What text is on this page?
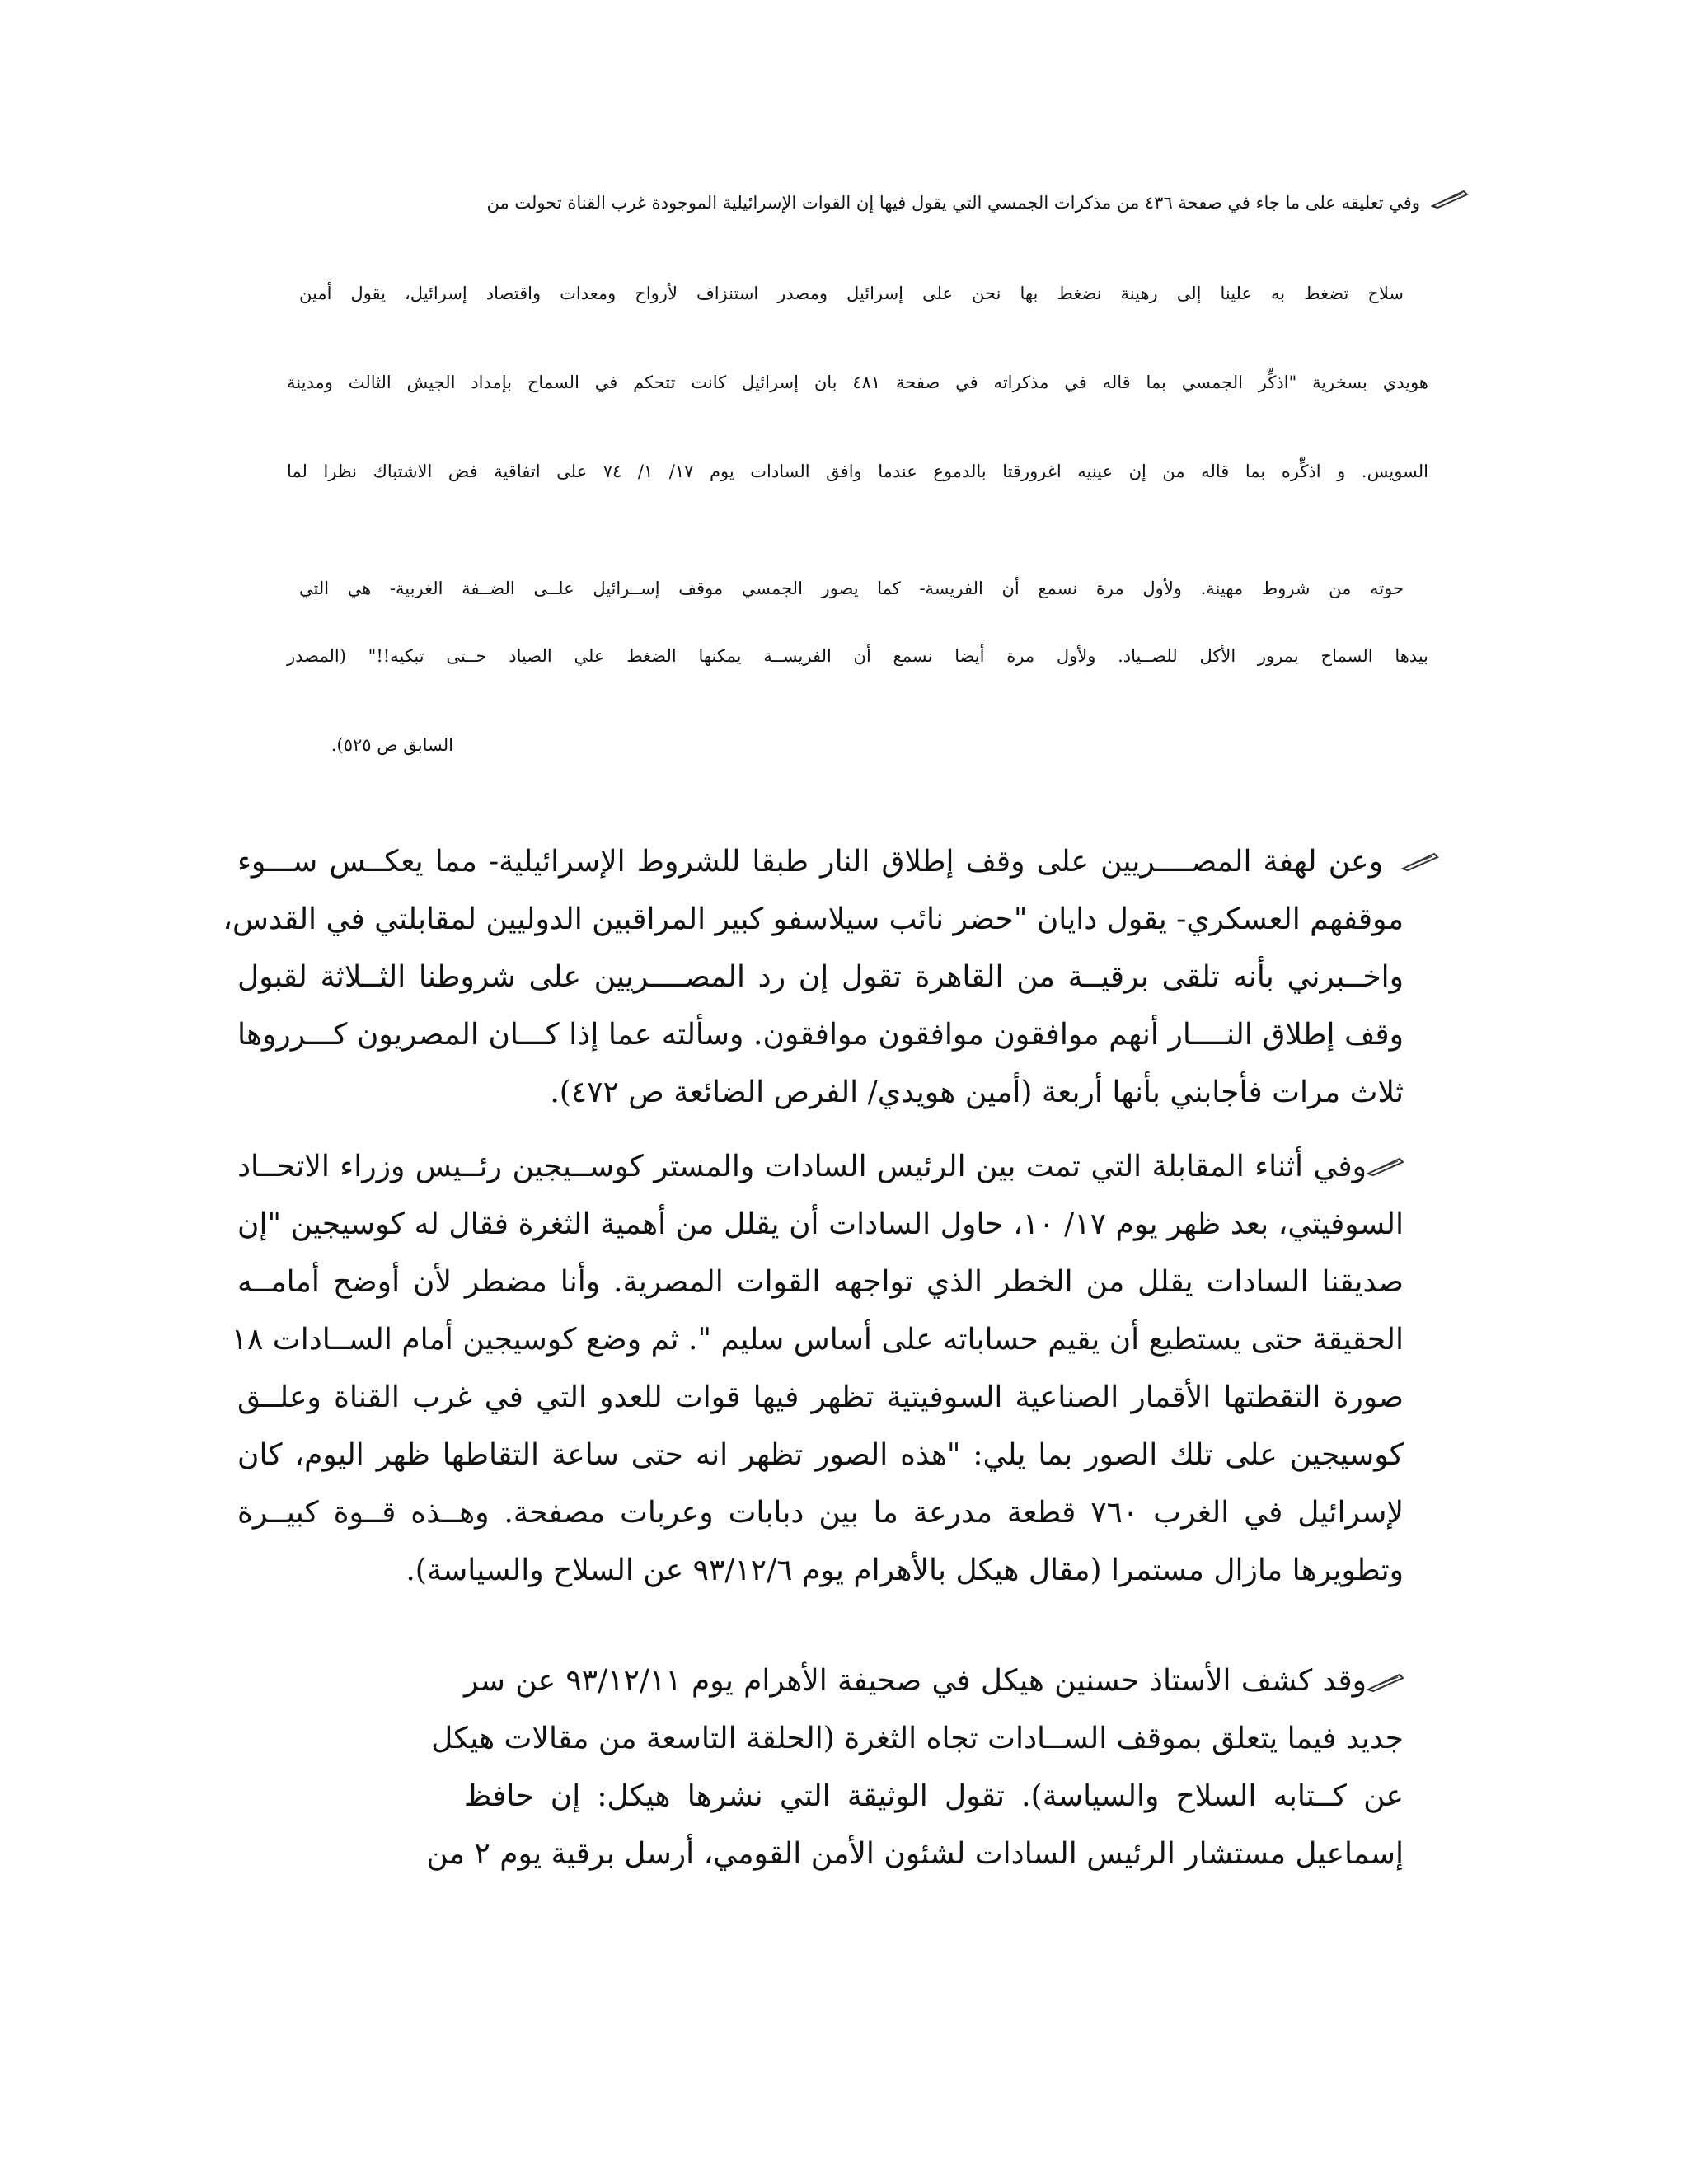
وفي تعليقه على ما جاء في صفحة ٤٣٦ من مذكرات الجمسي التي يقول فيها إن القوات الإسرائيلية الموجودة غرب القناة تحولت من
سلاح تضغط به علينا إلى رهينة نضغط بها نحن على إسرائيل ومصدر استنزاف لأرواح ومعدات واقتصاد إسرائيل، يقول أمين
هويدي بسخرية "اذكِّر الجمسي بما قاله في مذكراته في صفحة ٤٨١ بان إسرائيل كانت تتحكم في السماح بإمداد الجيش الثالث ومدينة
السويس. و اذكِّره بما قاله من إن عينيه اغرورقتا بالدموع عندما وافق السادات يوم ١٧/ ١/ ٧٤ على اتفاقية فض الاشتباك نظرا لما
حوته من شروط مهينة. ولأول مرة نسمع أن الفريسة- كما يصور الجمسي موقف إســرائيل علــى الضــفة الغربية- هي التي
بيدها السماح بمرور الأكل للصــياد. ولأول مرة أيضا نسمع أن الفريســة يمكنها الضغط علي الصياد حــتى تبكيه!!" (المصدر
السابق ص ٥٢٥).
وعن لهفة المصــــريين على وقف إطلاق النار طبقا للشروط الإسرائيلية- مما يعكــس ســـوء
موقفهم العسكري- يقول دايان "حضر نائب سيلاسفو كبير المراقبين الدوليين لمقابلتي في القدس،
واخــبرني بأنه تلقى برقيــة من القاهرة تقول إن رد المصــــريين على شروطنا الثــلاثة لقبول
وقف إطلاق النــــار أنهم موافقون موافقون موافقون. وسألته عما إذا كـــان المصريون كـــرروها
ثلاث مرات فأجابني بأنها أربعة (أمين هويدي/ الفرص الضائعة ص ٤٧٢).
وفي أثناء المقابلة التي تمت بين الرئيس السادات والمستر كوســيجين رئــيس وزراء الاتحــاد
السوفيتي، بعد ظهر يوم ١٧/ ١٠، حاول السادات أن يقلل من أهمية الثغرة فقال له كوسيجين "إن
صديقنا السادات يقلل من الخطر الذي تواجهه القوات المصرية. وأنا مضطر لأن أوضح أمامــه
الحقيقة حتى يستطيع أن يقيم حساباته على أساس سليم ". ثم وضع كوسيجين أمام الســادات ١٨
صورة التقطتها الأقمار الصناعية السوفيتية تظهر فيها قوات للعدو التي في غرب القناة وعلــق
كوسيجين على تلك الصور بما يلي: "هذه الصور تظهر انه حتى ساعة التقاطها ظهر اليوم، كان
لإسرائيل في الغرب ٧٦٠ قطعة مدرعة ما بين دبابات وعربات مصفحة. وهــذه قــوة كبيــرة
وتطويرها مازال مستمرا (مقال هيكل بالأهرام يوم ٩٣/١٢/٦ عن السلاح والسياسة).
وقد كشف الأستاذ حسنين هيكل في صحيفة الأهرام يوم ٩٣/١٢/١١ عن سر
جديد فيما يتعلق بموقف الســادات تجاه الثغرة (الحلقة التاسعة من مقالات هيكل
عن كــتابه السلاح والسياسة). تقول الوثيقة التي نشرها هيكل: إن حافظ
إسماعيل مستشار الرئيس السادات لشئون الأمن القومي، أرسل برقية يوم ٢ من
